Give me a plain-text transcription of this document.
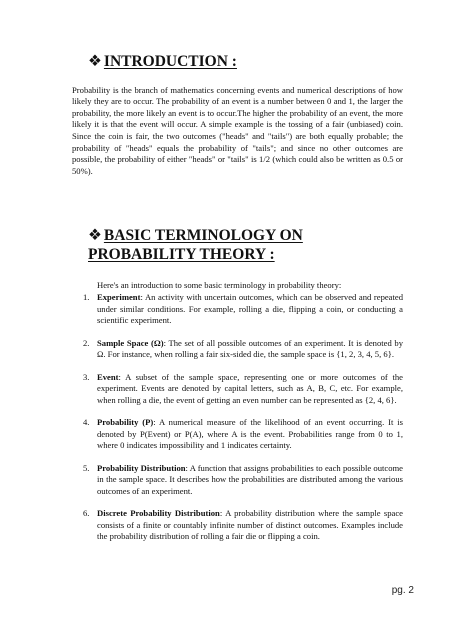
❖ INTRODUCTION :

Probability is the branch of mathematics concerning events and numerical descriptions of how likely they are to occur. The probability of an event is a number between 0 and 1, the larger the probability, the more likely an event is to occur.The higher the probability of an event, the more likely it is that the event will occur. A simple example is the tossing of a fair (unbiased) coin. Since the coin is fair, the two outcomes ("heads" and "tails") are both equally probable; the probability of "heads" equals the probability of "tails"; and since no other outcomes are possible, the probability of either "heads" or "tails" is 1/2 (which could also be written as 0.5 or 50%).

❖ BASIC TERMINOLOGY ON PROBABILITY THEORY :

Here's an introduction to some basic terminology in probability theory:

1. Experiment: An activity with uncertain outcomes, which can be observed and repeated under similar conditions. For example, rolling a die, flipping a coin, or conducting a scientific experiment.
2. Sample Space (Ω): The set of all possible outcomes of an experiment. It is denoted by Ω. For instance, when rolling a fair six-sided die, the sample space is {1, 2, 3, 4, 5, 6}.
3. Event: A subset of the sample space, representing one or more outcomes of the experiment. Events are denoted by capital letters, such as A, B, C, etc. For example, when rolling a die, the event of getting an even number can be represented as {2, 4, 6}.
4. Probability (P): A numerical measure of the likelihood of an event occurring. It is denoted by P(Event) or P(A), where A is the event. Probabilities range from 0 to 1, where 0 indicates impossibility and 1 indicates certainty.
5. Probability Distribution: A function that assigns probabilities to each possible outcome in the sample space. It describes how the probabilities are distributed among the various outcomes of an experiment.
6. Discrete Probability Distribution: A probability distribution where the sample space consists of a finite or countably infinite number of distinct outcomes. Examples include the probability distribution of rolling a fair die or flipping a coin.
pg. 2
